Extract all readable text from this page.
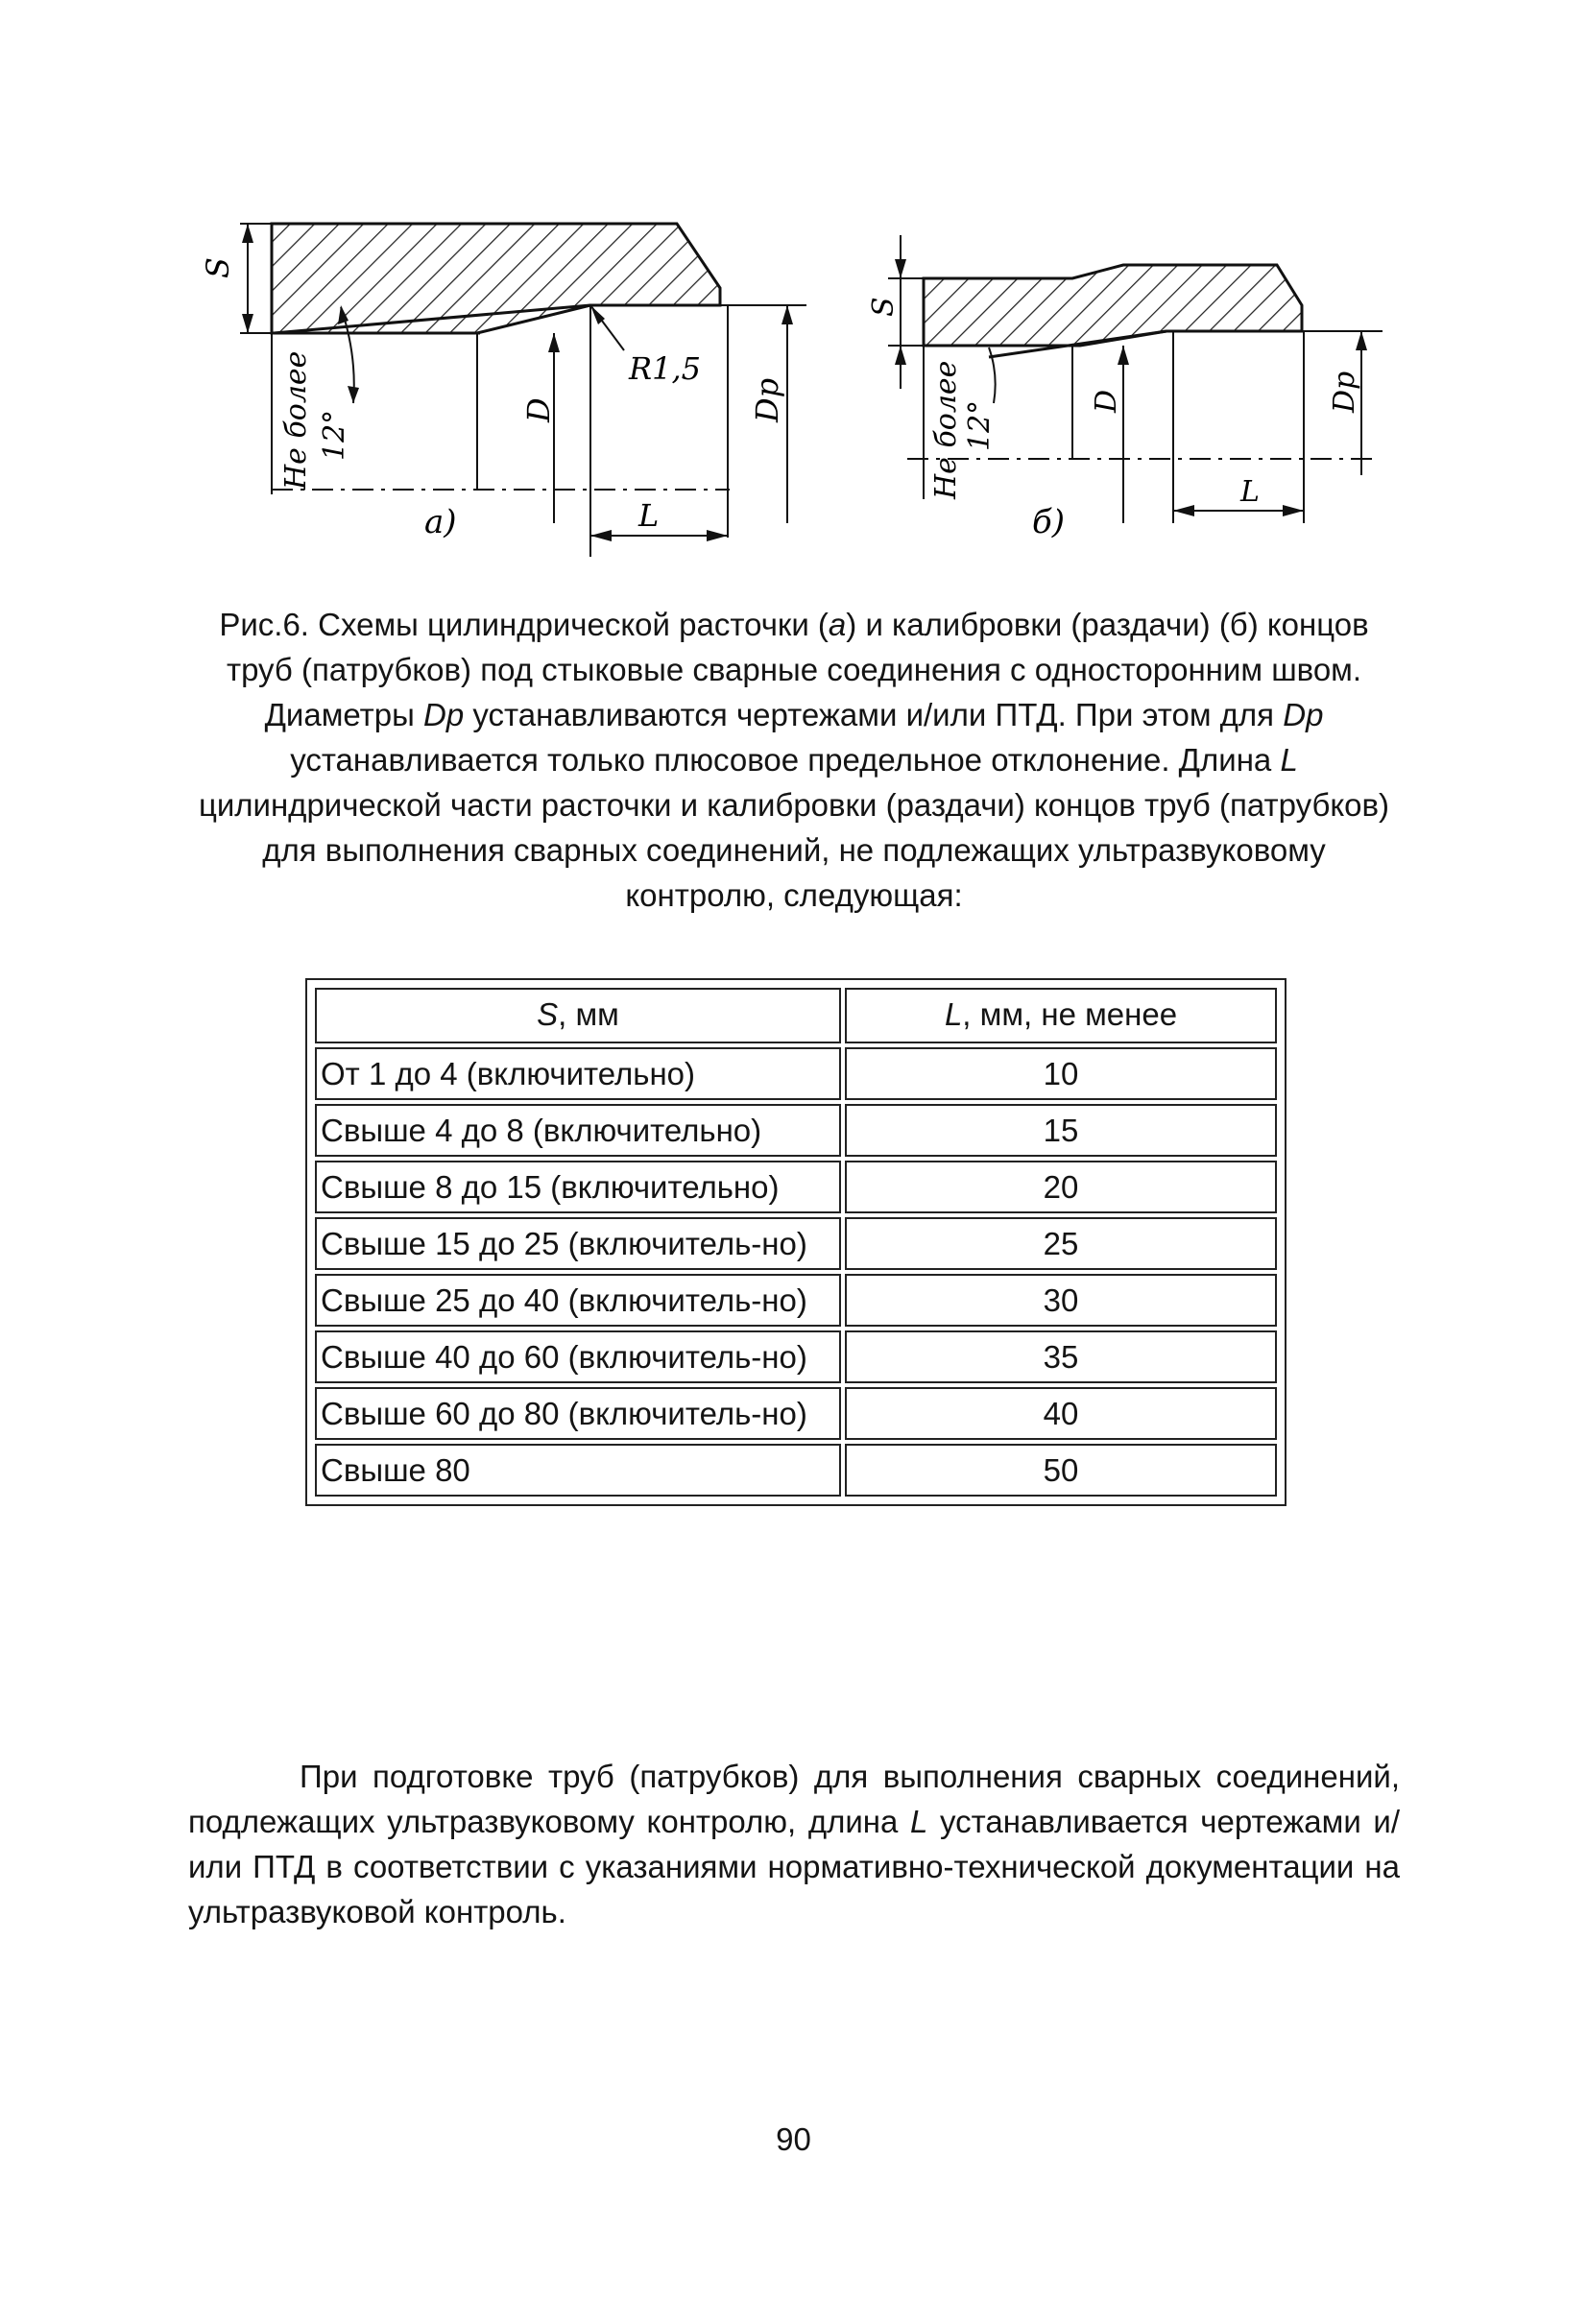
S
Не более 12°	D
R1,5
L
Dp
а)
S
Не более 12°	D
L
Dp
б)

Рис.6. Схемы цилиндрической расточки (а) и калибровки (раздачи) (б) концов труб (патрубков) под стыковые сварные соединения с односторонним швом. Диаметры Dp устанавливаются чертежами и/или ПТД. При этом для Dp устанавливается только плюсовое предельное отклонение. Длина L цилиндрической части расточки и калибровки (раздачи) концов труб (патрубков) для выполнения сварных соединений, не подлежащих ультразвуковому контролю, следующая:

S, мм	L, мм, не менее
От 1 до 4 (включительно)	10
Свыше 4 до 8 (включительно)	15
Свыше 8 до 15 (включительно)	20
Свыше 15 до 25 (включитель-но)	25
Свыше 25 до 40 (включитель-но)	30
Свыше 40 до 60 (включитель-но)	35
Свыше 60 до 80 (включитель-но)	40
Свыше 80	50

При подготовке труб (патрубков) для выполнения сварных соединений, подлежащих ультразвуковому контролю, длина L устанавливается чертежами и/или ПТД в соответствии с указаниями нормативно-технической документации на ультразвуковой контроль.

90
